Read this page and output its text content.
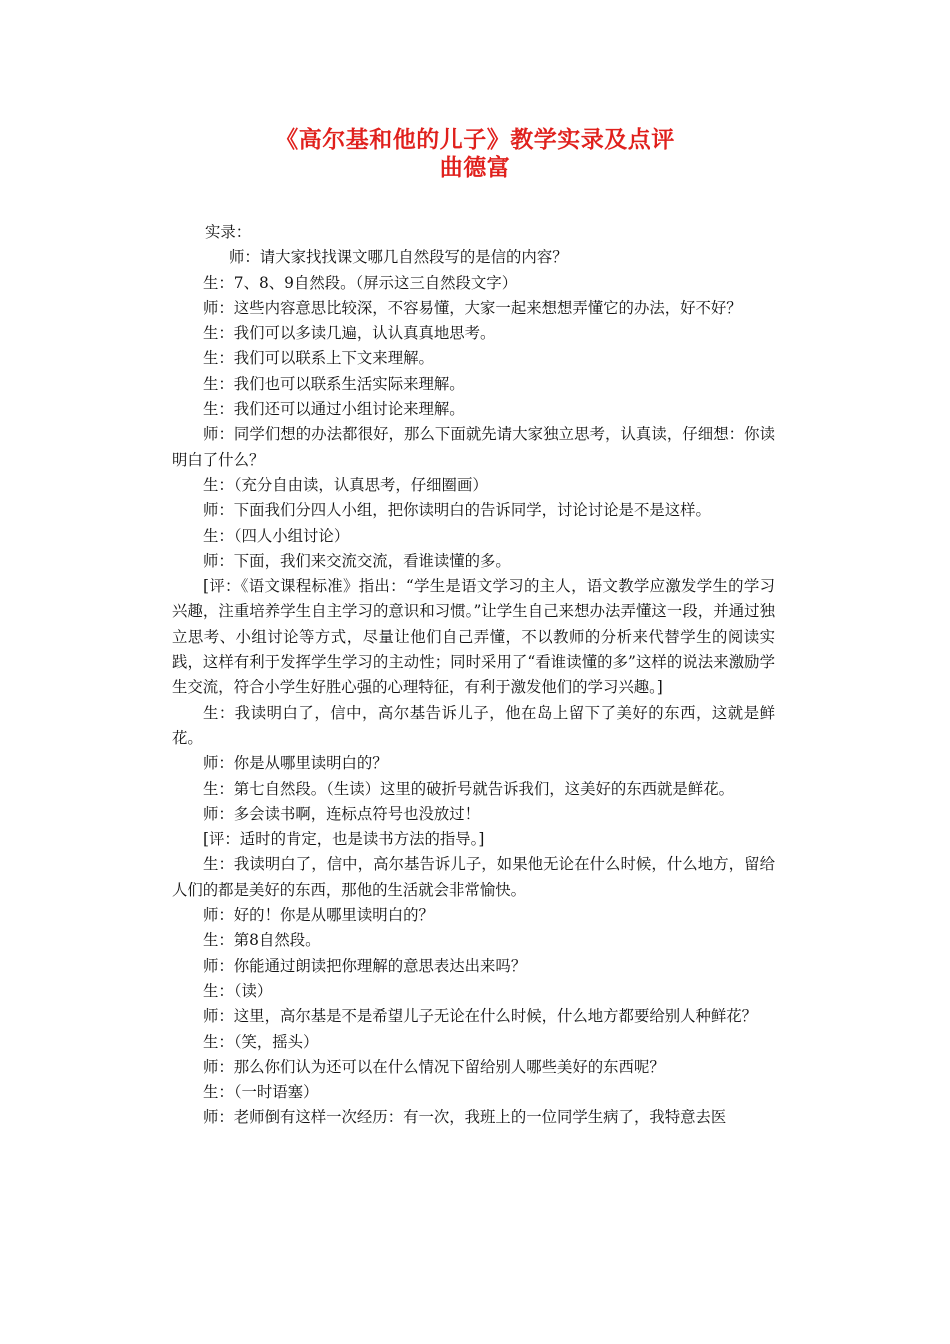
《高尔基和他的儿子》教学实录及点评
曲德富

实录：

师：请大家找找课文哪几自然段写的是信的内容？

生：7、8、9自然段。（屏示这三自然段文字）

师：这些内容意思比较深，不容易懂，大家一起来想想弄懂它的办法，好不好？

生：我们可以多读几遍，认认真真地思考。

生：我们可以联系上下文来理解。

生：我们也可以联系生活实际来理解。

生：我们还可以通过小组讨论来理解。

师：同学们想的办法都很好，那么下面就先请大家独立思考，认真读，仔细想：你读明白了什么？

生：（充分自由读，认真思考，仔细圈画）

师：下面我们分四人小组，把你读明白的告诉同学，讨论讨论是不是这样。

生：（四人小组讨论）

师：下面，我们来交流交流，看谁读懂的多。

[评：《语文课程标准》指出：“学生是语文学习的主人，语文教学应激发学生的学习兴趣，注重培养学生自主学习的意识和习惯。”让学生自己来想办法弄懂这一段，并通过独立思考、小组讨论等方式，尽量让他们自己弄懂，不以教师的分析来代替学生的阅读实践，这样有利于发挥学生学习的主动性；同时采用了“看谁读懂的多”这样的说法来激励学生交流，符合小学生好胜心强的心理特征，有利于激发他们的学习兴趣。]

生：我读明白了，信中，高尔基告诉儿子，他在岛上留下了美好的东西，这就是鲜花。

师：你是从哪里读明白的？

生：第七自然段。（生读）这里的破折号就告诉我们，这美好的东西就是鲜花。

师：多会读书啊，连标点符号也没放过！

[评：适时的肯定，也是读书方法的指导。]

生：我读明白了，信中，高尔基告诉儿子，如果他无论在什么时候，什么地方，留给人们的都是美好的东西，那他的生活就会非常愉快。

师：好的！你是从哪里读明白的？

生：第8自然段。

师：你能通过朗读把你理解的意思表达出来吗？

生：（读）

师：这里，高尔基是不是希望儿子无论在什么时候，什么地方都要给别人种鲜花？

生：（笑，摇头）

师：那么你们认为还可以在什么情况下留给别人哪些美好的东西呢？

生：（一时语塞）

师：老师倒有这样一次经历：有一次，我班上的一位同学生病了，我特意去医
